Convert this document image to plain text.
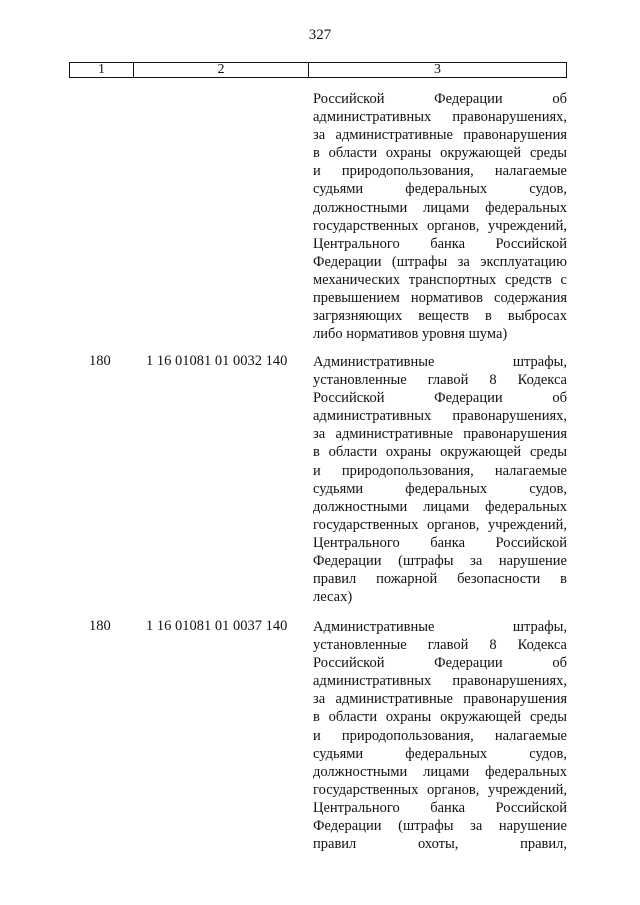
327
1	2	3
Российской Федерации об
административных правонарушениях,
за административные правонарушения
в области охраны окружающей среды
и природопользования, налагаемые
судьями федеральных судов,
должностными лицами федеральных
государственных органов, учреждений,
Центрального банка Российской
Федерации (штрафы за эксплуатацию
механических транспортных средств с
превышением нормативов содержания
загрязняющих веществ в выбросах
либо нормативов уровня шума)
180 1 16 01081 01 0032 140 Административные штрафы,
установленные главой 8 Кодекса
Российской Федерации об
административных правонарушениях,
за административные правонарушения
в области охраны окружающей среды
и природопользования, налагаемые
судьями федеральных судов,
должностными лицами федеральных
государственных органов, учреждений,
Центрального банка Российской
Федерации (штрафы за нарушение
правил пожарной безопасности в
лесах)
180 1 16 01081 01 0037 140 Административные штрафы,
установленные главой 8 Кодекса
Российской Федерации об
административных правонарушениях,
за административные правонарушения
в области охраны окружающей среды
и природопользования, налагаемые
судьями федеральных судов,
должностными лицами федеральных
государственных органов, учреждений,
Центрального банка Российской
Федерации (штрафы за нарушение
правил охоты, правил,
